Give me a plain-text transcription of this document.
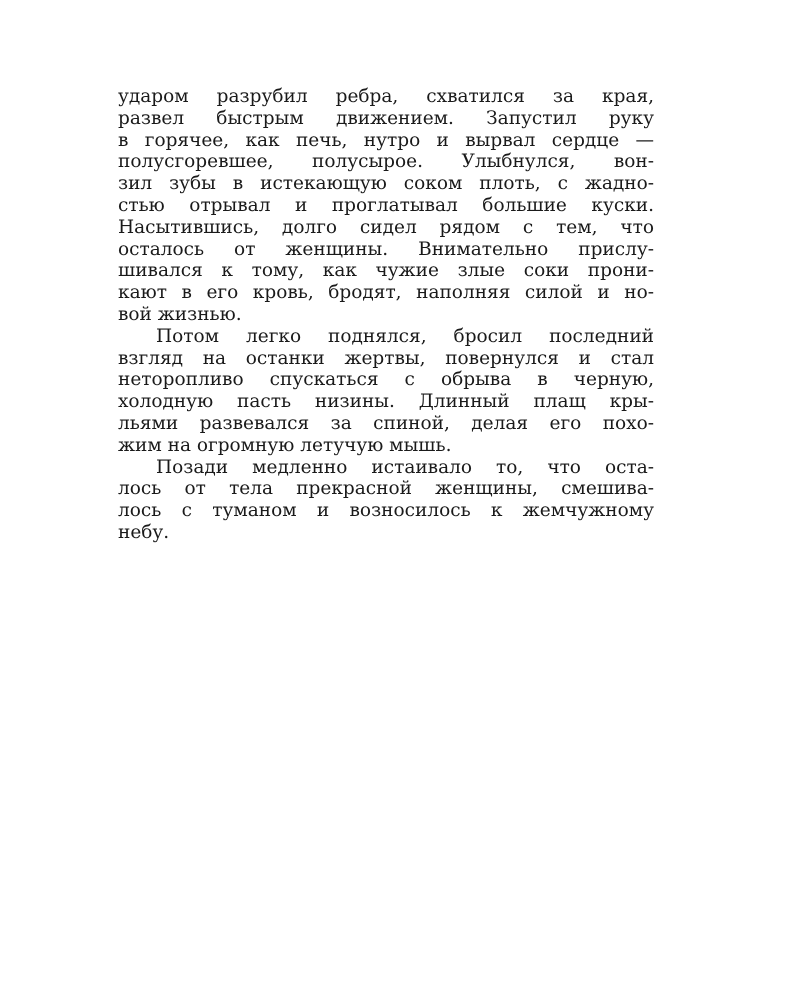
ударом разрубил ребра, схватился за края,
развел быстрым движением. Запустил руку
в горячее, как печь, нутро и вырвал сердце —
полусгоревшее, полусырое. Улыбнулся, вон-
зил зубы в истекающую соком плоть, с жадно-
стью отрывал и проглатывал большие куски.
Насытившись, долго сидел рядом с тем, что
осталось от женщины. Внимательно прислу-
шивался к тому, как чужие злые соки прони-
кают в его кровь, бродят, наполняя силой и но-
вой жизнью.
Потом легко поднялся, бросил последний
взгляд на останки жертвы, повернулся и стал
неторопливо спускаться с обрыва в черную,
холодную пасть низины. Длинный плащ кры-
льями развевался за спиной, делая его похо-
жим на огромную летучую мышь.
Позади медленно истаивало то, что оста-
лось от тела прекрасной женщины, смешива-
лось с туманом и возносилось к жемчужному
небу.
